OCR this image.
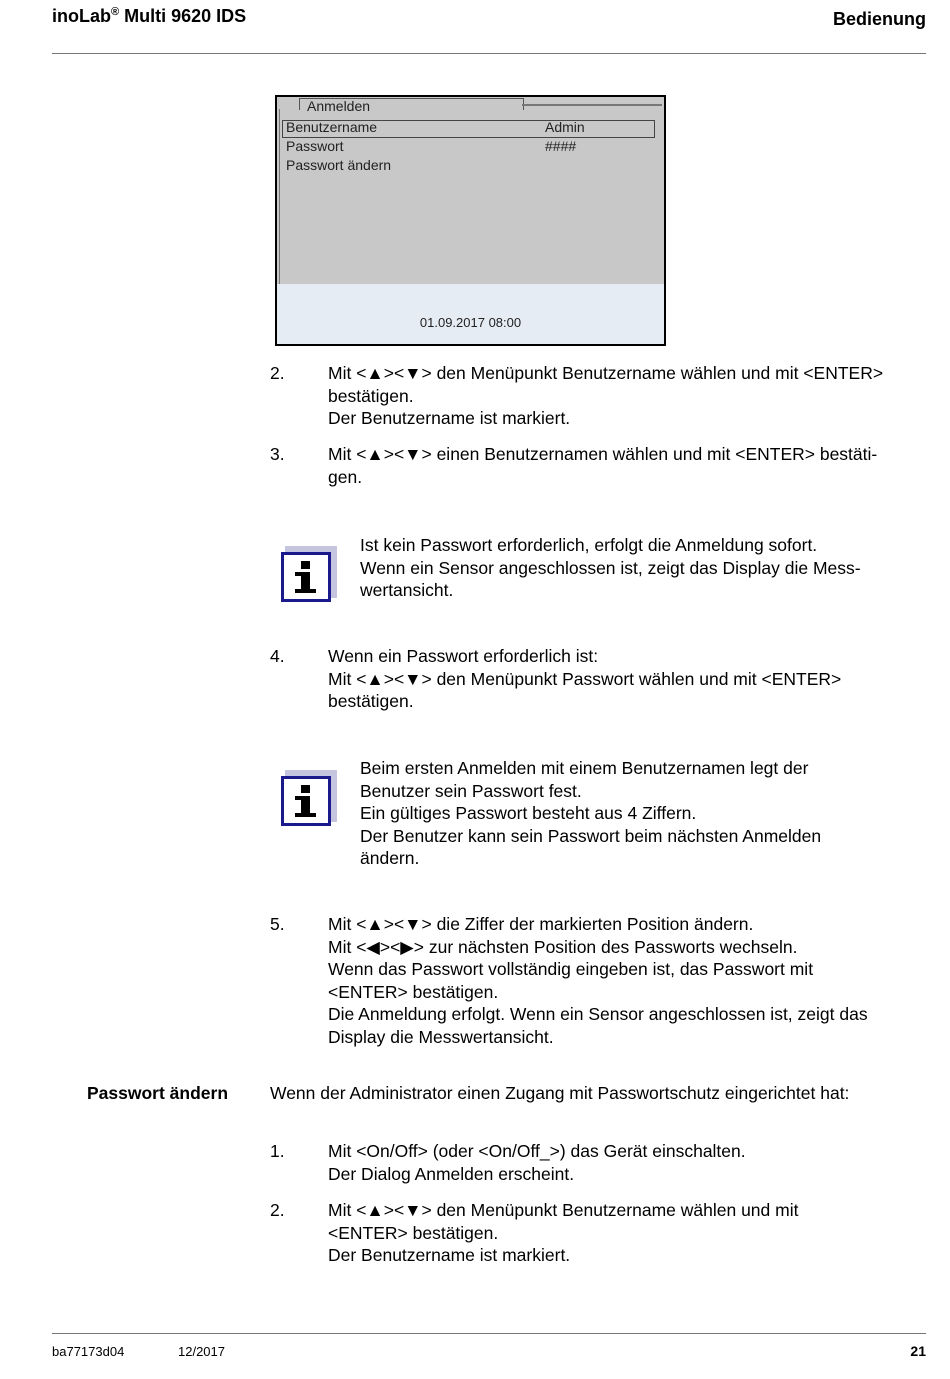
inoLab® Multi 9620 IDS	Bedienung
Anmelden
Benutzername	Admin
Passwort	####
Passwort ändern
01.09.2017 08:00
2. Mit <▲><▼> den Menüpunkt Benutzername wählen und mit <ENTER>
bestätigen.
Der Benutzername ist markiert.
3. Mit <▲><▼> einen Benutzernamen wählen und mit <ENTER> bestäti-
gen.
Ist kein Passwort erforderlich, erfolgt die Anmeldung sofort.
Wenn ein Sensor angeschlossen ist, zeigt das Display die Mess-
wertansicht.
4. Wenn ein Passwort erforderlich ist:
Mit <▲><▼> den Menüpunkt Passwort wählen und mit <ENTER>
bestätigen.
Beim ersten Anmelden mit einem Benutzernamen legt der
Benutzer sein Passwort fest.
Ein gültiges Passwort besteht aus 4 Ziffern.
Der Benutzer kann sein Passwort beim nächsten Anmelden
ändern.
5. Mit <▲><▼> die Ziffer der markierten Position ändern.
Mit <◀><▶> zur nächsten Position des Passworts wechseln.
Wenn das Passwort vollständig eingeben ist, das Passwort mit
<ENTER> bestätigen.
Die Anmeldung erfolgt. Wenn ein Sensor angeschlossen ist, zeigt das
Display die Messwertansicht.
Passwort ändern Wenn der Administrator einen Zugang mit Passwortschutz eingerichtet hat:
1. Mit <On/Off> (oder <On/Off_>) das Gerät einschalten.
Der Dialog Anmelden erscheint.
2. Mit <▲><▼> den Menüpunkt Benutzername wählen und mit
<ENTER> bestätigen.
Der Benutzername ist markiert.
ba77173d04	12/2017	21
